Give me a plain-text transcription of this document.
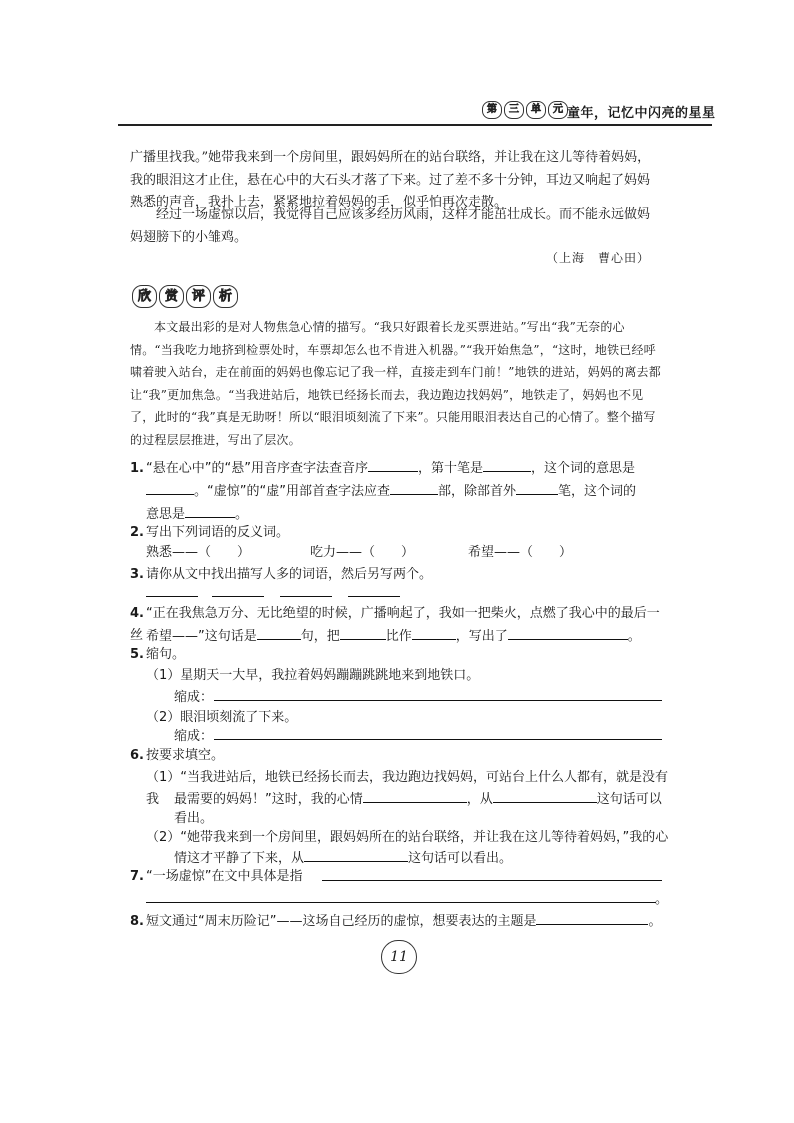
第	三	单	元 童年，记忆中闪亮的星星
广播里找我。”她带我来到一个房间里，跟妈妈所在的站台联络，并让我在这儿等待着妈妈，我的眼泪这才止住，悬在心中的大石头才落了下来。过了差不多十分钟，耳边又响起了妈妈熟悉的声音，我扑上去，紧紧地拉着妈妈的手，似乎怕再次走散。
经过一场虚惊以后，我觉得自己应该多经历风雨，这样才能茁壮成长。而不能永远做妈妈翅膀下的小雏鸡。
（上海　曹心田）
欣	赏	评	析
本文最出彩的是对人物焦急心情的描写。“我只好跟着长龙买票进站。”写出“我”无奈的心情。“当我吃力地挤到检票处时，车票却怎么也不肯进入机器。”“我开始焦急”，“这时，地铁已经呼啸着驶入站台，走在前面的妈妈也像忘记了我一样，直接走到车门前！”地铁的进站，妈妈的离去都让“我”更加焦急。“当我进站后，地铁已经扬长而去，我边跑边找妈妈”，地铁走了，妈妈也不见了，此时的“我”真是无助呀！所以“眼泪顷刻流了下来”。只能用眼泪表达自己的心情了。整个描写的过程层层推进，写出了层次。
1. “悬在心中”的“悬”用音序查字法查音序	，第十笔是	，这个词的意思是
。“虚惊”的“虚”用部首查字法应查	部，除部首外	笔，这个词的
意思是	。
2. 写出下列词语的反义词。
熟悉——（　　）	吃力——（　　）	希望——（　　）
3. 请你从文中找出描写人多的词语，然后另写两个。
4. “正在我焦急万分、无比绝望的时候，广播响起了，我如一把柴火，点燃了我心中的最后一丝 希望——”这句话是	句，把	比作	，写出了	。
5. 缩句。
（1）星期天一大早，我拉着妈妈蹦蹦跳跳地来到地铁口。
缩成：
（2）眼泪顷刻流了下来。
缩成：
6. 按要求填空。
（1）“当我进站后，地铁已经扬长而去，我边跑边找妈妈，可站台上什么人都有，就是没有我	最需要的妈妈！”这时，我的心情	，从	这句话可以
看出。
（2）“她带我来到一个房间里，跟妈妈所在的站台联络，并让我在这儿等待着妈妈，”我的心
情这才平静了下来，从	这句话可以看出。
7. “一场虚惊”在文中具体是指
。
8. 短文通过“周末历险记”——这场自己经历的虚惊，想要表达的主题是	。
11
